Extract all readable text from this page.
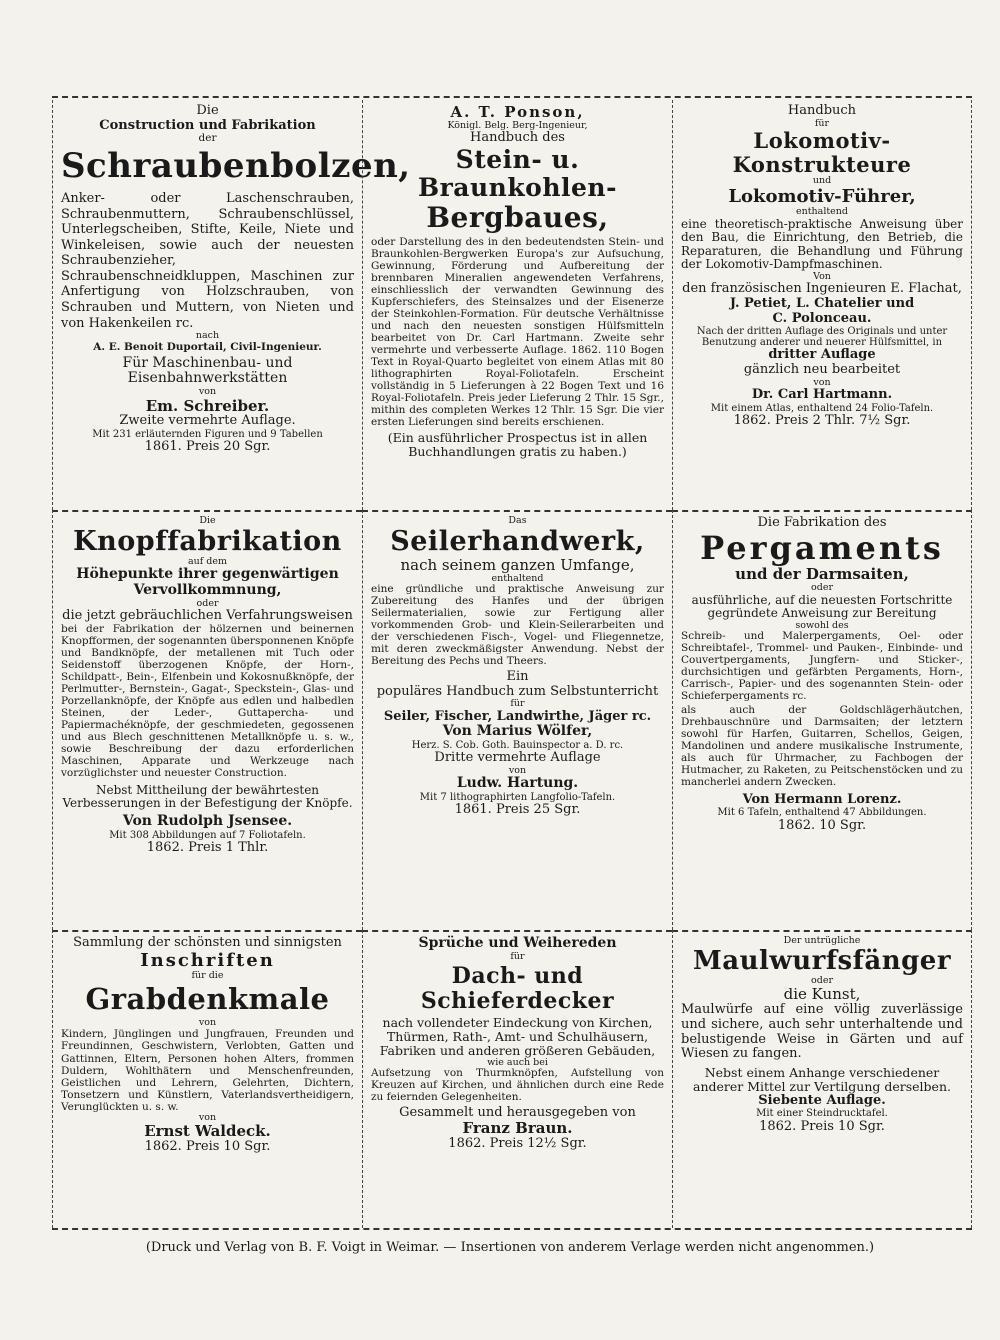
Die
Construction und Fabrikation
der
Schraubenbolzen,
Anker- oder Laschenschrauben, Schraubenmuttern, Schraubenschlüssel, Unterlegscheiben, Stifte, Keile, Niete und Winkeleisen, sowie auch der neuesten Schraubenzieher, Schraubenschneidkluppen, Maschinen zur Anfertigung von Holzschrauben, von Schrauben und Muttern, von Nieten und von Hakenkeilen rc.
nach
A. E. Benoit Duportail, Civil-Ingenieur.
Für Maschinenbau- und Eisenbahnwerkstätten
von
Em. Schreiber.
Zweite vermehrte Auflage.
Mit 231 erläuternden Figuren und 9 Tabellen
1861. Preis 20 Sgr.
A. T. Ponson,
Königl. Belg. Berg-Ingenieur,
Handbuch des
Stein- u. Braunkohlen-
Bergbaues,
oder Darstellung des in den bedeutendsten Stein- und Braunkohlen-Bergwerken Europa's zur Aufsuchung, Gewinnung, Förderung und Aufbereitung der brennbaren Mineralien angewendeten Verfahrens, einschliesslich der verwandten Gewinnung des Kupferschiefers, des Steinsalzes und der Eisenerze der Steinkohlen-Formation. Für deutsche Verhältnisse und nach den neuesten sonstigen Hülfsmitteln bearbeitet von Dr. Carl Hartmann. Zweite sehr vermehrte und verbesserte Auflage. 1862. 110 Bogen Text in Royal-Quarto begleitet von einem Atlas mit 80 lithographirten Royal-Foliotafeln. Erscheint vollständig in 5 Lieferungen à 22 Bogen Text und 16 Royal-Foliotafeln. Preis jeder Lieferung 2 Thlr. 15 Sgr., mithin des completen Werkes 12 Thlr. 15 Sgr. Die vier ersten Lieferungen sind bereits erschienen.
(Ein ausführlicher Prospectus ist in allen Buchhandlungen gratis zu haben.)
Handbuch
für
Lokomotiv-Konstrukteure
und
Lokomotiv-Führer,
enthaltend
eine theoretisch-praktische Anweisung über den Bau, die Einrichtung, den Betrieb, die Reparaturen, die Behandlung und Führung der Lokomotiv-Dampfmaschinen.
Von
den französischen Ingenieuren E. Flachat,
J. Petiet, L. Chatelier und
C. Polonceau.
Nach der dritten Auflage des Originals und unter Benutzung anderer und neuerer Hülfsmittel, in
dritter Auflage
gänzlich neu bearbeitet
von
Dr. Carl Hartmann.
Mit einem Atlas, enthaltend 24 Folio-Tafeln.
1862. Preis 2 Thlr. 7½ Sgr.
Die
Knopffabrikation
auf dem
Höhepunkte ihrer gegenwärtigen Vervollkommnung,
oder
die jetzt gebräuchlichen Verfahrungsweisen
bei der Fabrikation der hölzernen und beinernen Knopfformen, der sogenannten übersponnenen Knöpfe und Bandknöpfe, der metallenen mit Tuch oder Seidenstoff überzogenen Knöpfe, der Horn-, Schildpatt-, Bein-, Elfenbein und Kokosnußknöpfe, der Perlmutter-, Bernstein-, Gagat-, Speckstein-, Glas- und Porzellanknöpfe, der Knöpfe aus edlen und halbedlen Steinen, der Leder-, Guttapercha- und Papiermachéknöpfe, der geschmiedeten, gegossenen und aus Blech geschnittenen Metallknöpfe u. s. w., sowie Beschreibung der dazu erforderlichen Maschinen, Apparate und Werkzeuge nach vorzüglichster und neuester Construction.
Nebst Mittheilung der bewährtesten Verbesserungen in der Befestigung der Knöpfe.
Von Rudolph Jsensee.
Mit 308 Abbildungen auf 7 Foliotafeln.
1862. Preis 1 Thlr.
Das
Seilerhandwerk,
nach seinem ganzen Umfange,
enthaltend
eine gründliche und praktische Anweisung zur Zubereitung des Hanfes und der übrigen Seilermaterialien, sowie zur Fertigung aller vorkommenden Grob- und Klein-Seilerarbeiten und der verschiedenen Fisch-, Vogel- und Fliegennetze, mit deren zweckmäßigster Anwendung. Nebst der Bereitung des Pechs und Theers.
Ein
populäres Handbuch zum Selbstunterricht
für
Seiler, Fischer, Landwirthe, Jäger rc.
Von Marius Wölfer,
Herz. S. Cob. Goth. Bauinspector a. D. rc.
Dritte vermehrte Auflage
von
Ludw. Hartung.
Mit 7 lithographirten Langfolio-Tafeln.
1861. Preis 25 Sgr.
Die Fabrikation des
Pergaments
und der Darmsaiten,
oder
ausführliche, auf die neuesten Fortschritte gegründete Anweisung zur Bereitung
sowohl des
Schreib- und Malerpergaments, Oel- oder Schreibtafel-, Trommel- und Pauken-, Einbinde- und Couvertpergaments, Jungfern- und Sticker-, durchsichtigen und gefärbten Pergaments, Horn-, Carrisch-, Papier- und des sogenannten Stein- oder Schieferpergaments rc.
als auch der Goldschlägerhäutchen, Drehbauschnüre und Darmsaiten; der letztern sowohl für Harfen, Guitarren, Schellos, Geigen, Mandolinen und andere musikalische Instrumente, als auch für Uhrmacher, zu Fachbogen der Hutmacher, zu Raketen, zu Peitschenstöcken und zu mancherlei andern Zwecken.
Von Hermann Lorenz.
Mit 6 Tafeln, enthaltend 47 Abbildungen.
1862. 10 Sgr.
Sammlung der schönsten und sinnigsten
Inschriften
für die
Grabdenkmale
von
Kindern, Jünglingen und Jungfrauen, Freunden und Freundinnen, Geschwistern, Verlobten, Gatten und Gattinnen, Eltern, Personen hohen Alters, frommen Duldern, Wohlthätern und Menschenfreunden, Geistlichen und Lehrern, Gelehrten, Dichtern, Tonsetzern und Künstlern, Vaterlandsvertheidigern, Verunglückten u. s. w.
von
Ernst Waldeck.
1862. Preis 10 Sgr.
Sprüche und Weihereden
für
Dach- und Schieferdecker
nach vollendeter Eindeckung von Kirchen, Thürmen, Rath-, Amt- und Schulhäusern, Fabriken und anderen größeren Gebäuden,
wie auch bei
Aufsetzung von Thurmknöpfen, Aufstellung von Kreuzen auf Kirchen, und ähnlichen durch eine Rede zu feiernden Gelegenheiten.
Gesammelt und herausgegeben von
Franz Braun.
1862. Preis 12½ Sgr.
Der untrügliche
Maulwurfsfänger
oder
die Kunst,
Maulwürfe auf eine völlig zuverlässige und sichere, auch sehr unterhaltende und belustigende Weise in Gärten und auf Wiesen zu fangen.
Nebst einem Anhange verschiedener anderer Mittel zur Vertilgung derselben.
Siebente Auflage.
Mit einer Steindrucktafel.
1862. Preis 10 Sgr.
(Druck und Verlag von B. F. Voigt in Weimar. — Insertionen von anderem Verlage werden nicht angenommen.)
